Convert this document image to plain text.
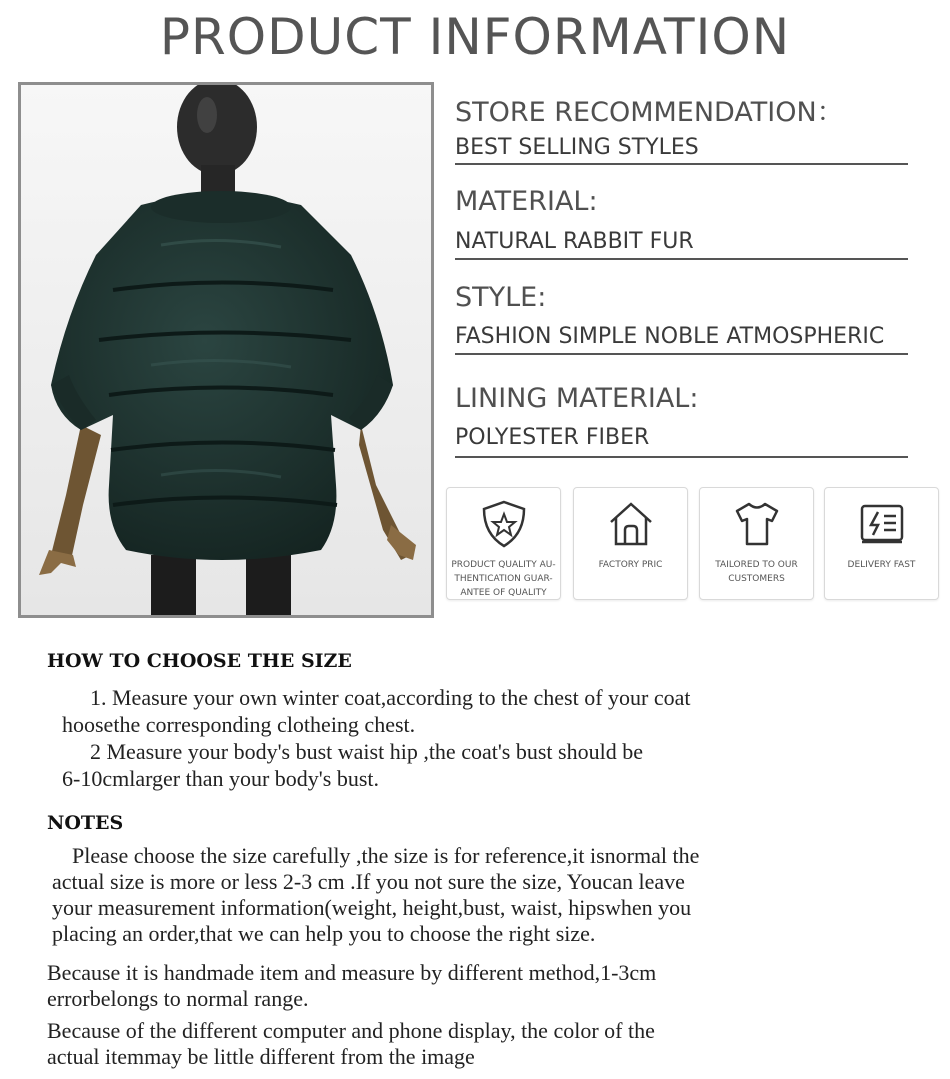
PRODUCT INFORMATION
STORE RECOMMENDATION：
BEST SELLING STYLES
MATERIAL:
NATURAL RABBIT FUR
STYLE:
FASHION SIMPLE NOBLE ATMOSPHERIC
LINING MATERIAL:
POLYESTER FIBER
PRODUCT QUALITY AU-
THENTICATION GUAR-
ANTEE OF QUALITY
FACTORY PRIC	TAILORED TO OUR
CUSTOMERS
DELIVERY FAST
HOW TO CHOOSE THE SIZE
1. Measure your own winter coat,according to the chest of your coat
hoosethe corresponding clotheing chest.
2 Measure your body's bust waist hip ,the coat's bust should be
6-10cmlarger than your body's bust.
NOTES
Please choose the size carefully ,the size is for reference,it isnormal the
actual size is more or less 2-3 cm .If you not sure the size, Youcan leave
your measurement information(weight, height,bust, waist, hipswhen you
placing an order,that we can help you to choose the right size.
Because it is handmade item and measure by different method,1-3cm
errorbelongs to normal range.
Because of the different computer and phone display, the color of the
actual itemmay be little different from the image
